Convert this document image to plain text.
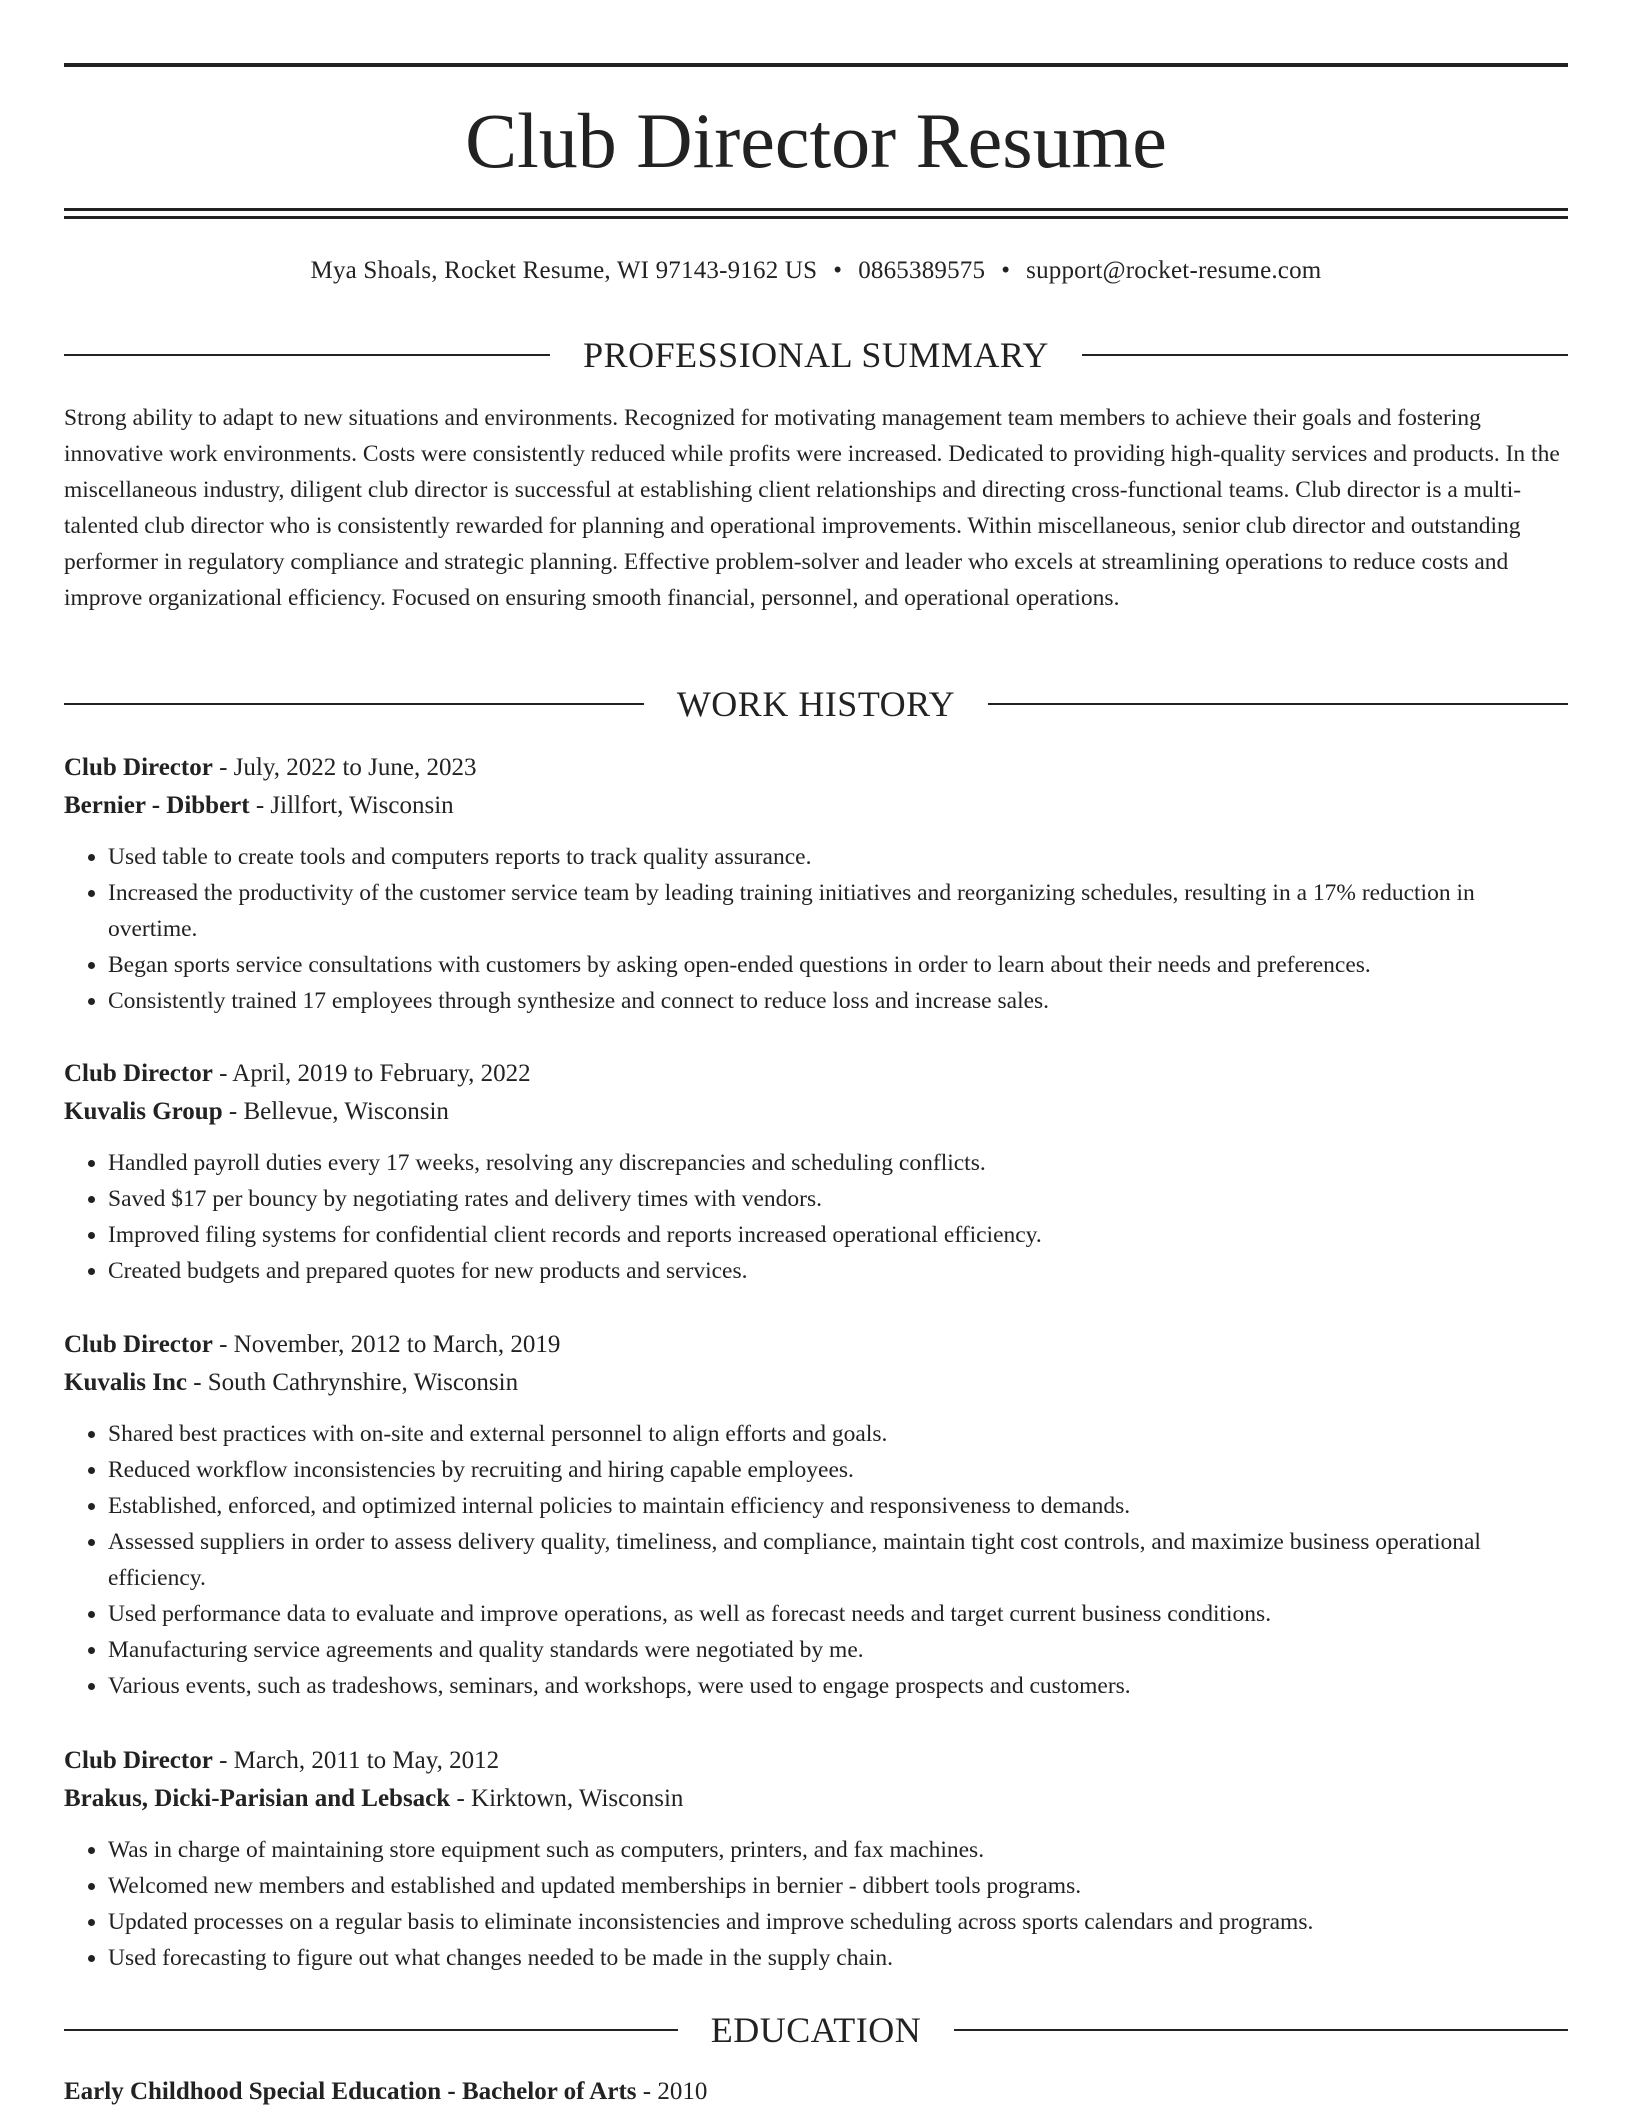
Club Director Resume
Mya Shoals, Rocket Resume, WI 97143-9162 US • 0865389575 • support@rocket-resume.com
PROFESSIONAL SUMMARY

Strong ability to adapt to new situations and environments. Recognized for motivating management team members to achieve their goals and fostering innovative work environments. Costs were consistently reduced while profits were increased. Dedicated to providing high-quality services and products. In the miscellaneous industry, diligent club director is successful at establishing client relationships and directing cross-functional teams. Club director is a multi-talented club director who is consistently rewarded for planning and operational improvements. Within miscellaneous, senior club director and outstanding performer in regulatory compliance and strategic planning. Effective problem-solver and leader who excels at streamlining operations to reduce costs and improve organizational efficiency. Focused on ensuring smooth financial, personnel, and operational operations.

WORK HISTORY
Club Director - July, 2022 to June, 2023
Bernier - Dibbert - Jillfort, Wisconsin
• Used table to create tools and computers reports to track quality assurance.
• Increased the productivity of the customer service team by leading training initiatives and reorganizing schedules, resulting in a 17% reduction in overtime.
• Began sports service consultations with customers by asking open-ended questions in order to learn about their needs and preferences.
• Consistently trained 17 employees through synthesize and connect to reduce loss and increase sales.
Club Director - April, 2019 to February, 2022
Kuvalis Group - Bellevue, Wisconsin
• Handled payroll duties every 17 weeks, resolving any discrepancies and scheduling conflicts.
• Saved $17 per bouncy by negotiating rates and delivery times with vendors.
• Improved filing systems for confidential client records and reports increased operational efficiency.
• Created budgets and prepared quotes for new products and services.
Club Director - November, 2012 to March, 2019
Kuvalis Inc - South Cathrynshire, Wisconsin
• Shared best practices with on-site and external personnel to align efforts and goals.
• Reduced workflow inconsistencies by recruiting and hiring capable employees.
• Established, enforced, and optimized internal policies to maintain efficiency and responsiveness to demands.
• Assessed suppliers in order to assess delivery quality, timeliness, and compliance, maintain tight cost controls, and maximize business operational efficiency.
• Used performance data to evaluate and improve operations, as well as forecast needs and target current business conditions.
• Manufacturing service agreements and quality standards were negotiated by me.
• Various events, such as tradeshows, seminars, and workshops, were used to engage prospects and customers.
Club Director - March, 2011 to May, 2012
Brakus, Dicki-Parisian and Lebsack - Kirktown, Wisconsin
• Was in charge of maintaining store equipment such as computers, printers, and fax machines.
• Welcomed new members and established and updated memberships in bernier - dibbert tools programs.
• Updated processes on a regular basis to eliminate inconsistencies and improve scheduling across sports calendars and programs.
• Used forecasting to figure out what changes needed to be made in the supply chain.
EDUCATION
Early Childhood Special Education - Bachelor of Arts - 2010
